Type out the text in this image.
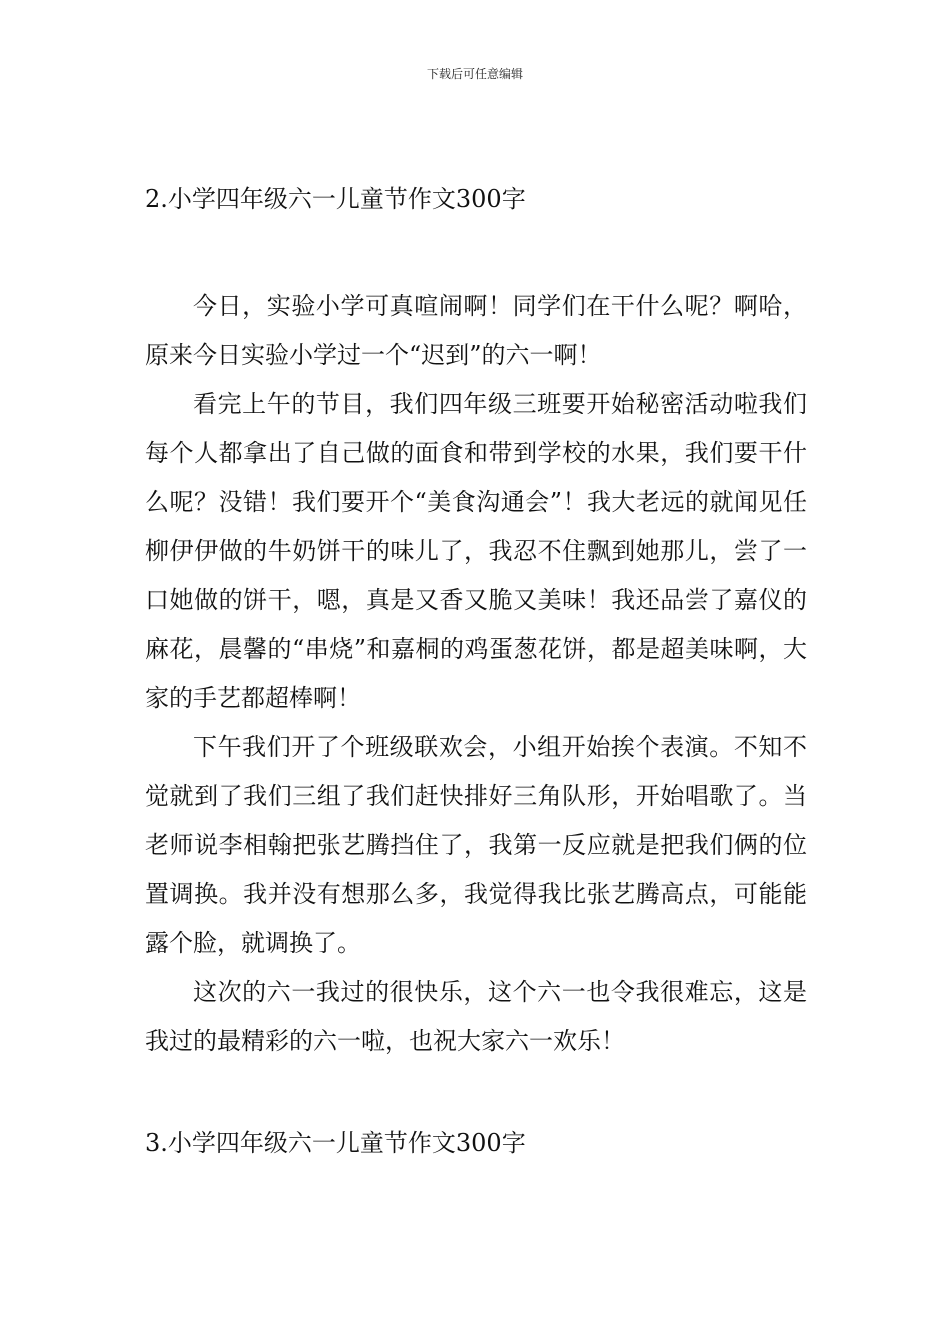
下载后可任意编辑
2.小学四年级六一儿童节作文300字

今日，实验小学可真喧闹啊！同学们在干什么呢？啊哈，原来今日实验小学过一个“迟到”的六一啊！

看完上午的节目，我们四年级三班要开始秘密活动啦我们每个人都拿出了自己做的面食和带到学校的水果，我们要干什么呢？没错！我们要开个“美食沟通会”！我大老远的就闻见任柳伊伊做的牛奶饼干的味儿了，我忍不住飘到她那儿，尝了一口她做的饼干，嗯，真是又香又脆又美味！我还品尝了嘉仪的麻花，晨馨的“串烧”和嘉桐的鸡蛋葱花饼，都是超美味啊，大家的手艺都超棒啊！

下午我们开了个班级联欢会，小组开始挨个表演。不知不觉就到了我们三组了我们赶快排好三角队形，开始唱歌了。当老师说李相翰把张艺腾挡住了，我第一反应就是把我们俩的位置调换。我并没有想那么多，我觉得我比张艺腾高点，可能能露个脸，就调换了。

这次的六一我过的很快乐，这个六一也令我很难忘，这是我过的最精彩的六一啦，也祝大家六一欢乐！

3.小学四年级六一儿童节作文300字
